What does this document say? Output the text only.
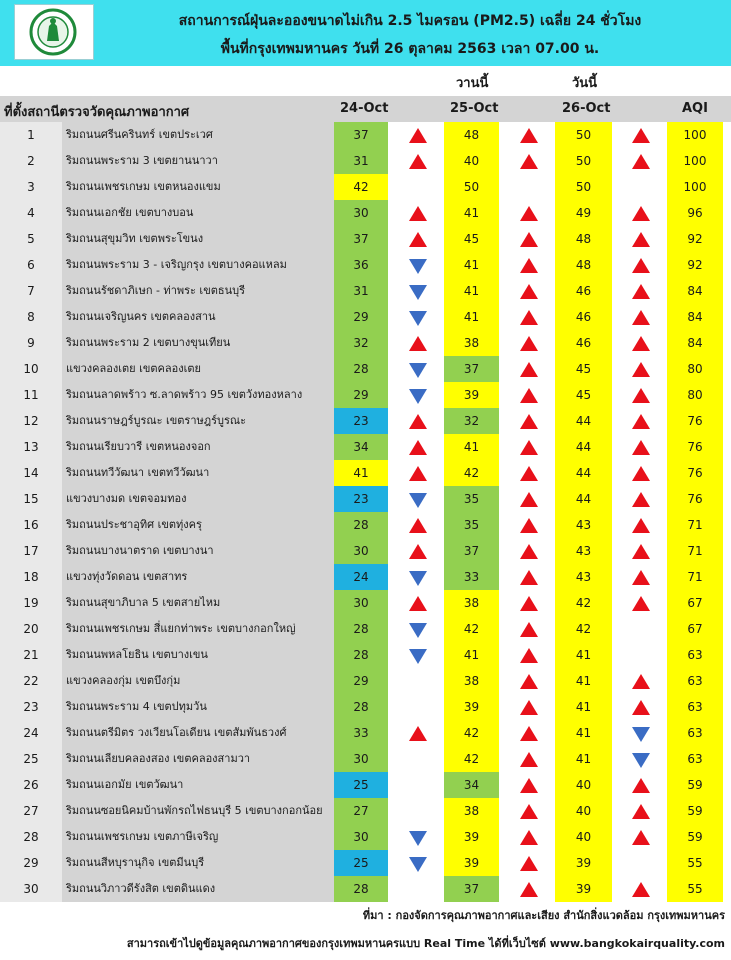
สถานการณ์ฝุ่นละอองขนาดไม่เกิน 2.5 ไมครอน (PM2.5) เฉลี่ย 24 ชั่วโมง
พื้นที่กรุงเทพมหานคร วันที่ 26 ตุลาคม 2563 เวลา 07.00 น.
วานนี้	วันนี้
ที่ตั้งสถานีตรวจวัดคุณภาพอากาศ	24-Oct	25-Oct	26-Oct	AQI
1	ริมถนนศรีนครินทร์ เขตประเวศ	37	48	50	100
2	ริมถนนพระราม 3 เขตยานนาวา	31	40	50	100
3	ริมถนนเพชรเกษม เขตหนองแขม	42	50	50	100
4	ริมถนนเอกชัย เขตบางบอน	30	41	49	96
5	ริมถนนสุขุมวิท เขตพระโขนง	37	45	48	92
6	ริมถนนพระราม 3 - เจริญกรุง เขตบางคอแหลม	36	41	48	92
7	ริมถนนรัชดาภิเษก - ท่าพระ เขตธนบุรี	31	41	46	84
8	ริมถนนเจริญนคร เขตคลองสาน	29	41	46	84
9	ริมถนนพระราม 2 เขตบางขุนเทียน	32	38	46	84
10	แขวงคลองเตย เขตคลองเตย	28	37	45	80
11	ริมถนนลาดพร้าว ซ.ลาดพร้าว 95 เขตวังทองหลาง	29	39	45	80
12	ริมถนนราษฎร์บูรณะ เขตราษฎร์บูรณะ	23	32	44	76
13	ริมถนนเรียบวารี เขตหนองจอก	34	41	44	76
14	ริมถนนทวีวัฒนา เขตทวีวัฒนา	41	42	44	76
15	แขวงบางมด เขตจอมทอง	23	35	44	76
16	ริมถนนประชาอุทิศ เขตทุ่งครุ	28	35	43	71
17	ริมถนนบางนาตราด เขตบางนา	30	37	43	71
18	แขวงทุ่งวัดดอน เขตสาทร	24	33	43	71
19	ริมถนนสุขาภิบาล 5 เขตสายไหม	30	38	42	67
20	ริมถนนเพชรเกษม สี่แยกท่าพระ เขตบางกอกใหญ่	28	42	42	67
21	ริมถนนพหลโยธิน เขตบางเขน	28	41	41	63
22	แขวงคลองกุ่ม เขตบึงกุ่ม	29	38	41	63
23	ริมถนนพระราม 4 เขตปทุมวัน	28	39	41	63
24	ริมถนนตรีมิตร วงเวียนโอเดียน เขตสัมพันธวงศ์	33	42	41	63
25	ริมถนนเลียบคลองสอง เขตคลองสามวา	30	42	41	63
26	ริมถนนเอกมัย เขตวัฒนา	25	34	40	59
27	ริมถนนซอยนิคมบ้านพักรถไฟธนบุรี 5 เขตบางกอกน้อย	27	38	40	59
28	ริมถนนเพชรเกษม เขตภาษีเจริญ	30	39	40	59
29	ริมถนนสีหบุรานุกิจ เขตมีนบุรี	25	39	39	55
30	ริมถนนวิภาวดีรังสิต เขตดินแดง	28	37	39	55
ที่มา : กองจัดการคุณภาพอากาศและเสียง สำนักสิ่งแวดล้อม กรุงเทพมหานคร
สามารถเข้าไปดูข้อมูลคุณภาพอากาศของกรุงเทพมหานครแบบ Real Time ได้ที่เว็บไซต์ www.bangkokairquality.com
